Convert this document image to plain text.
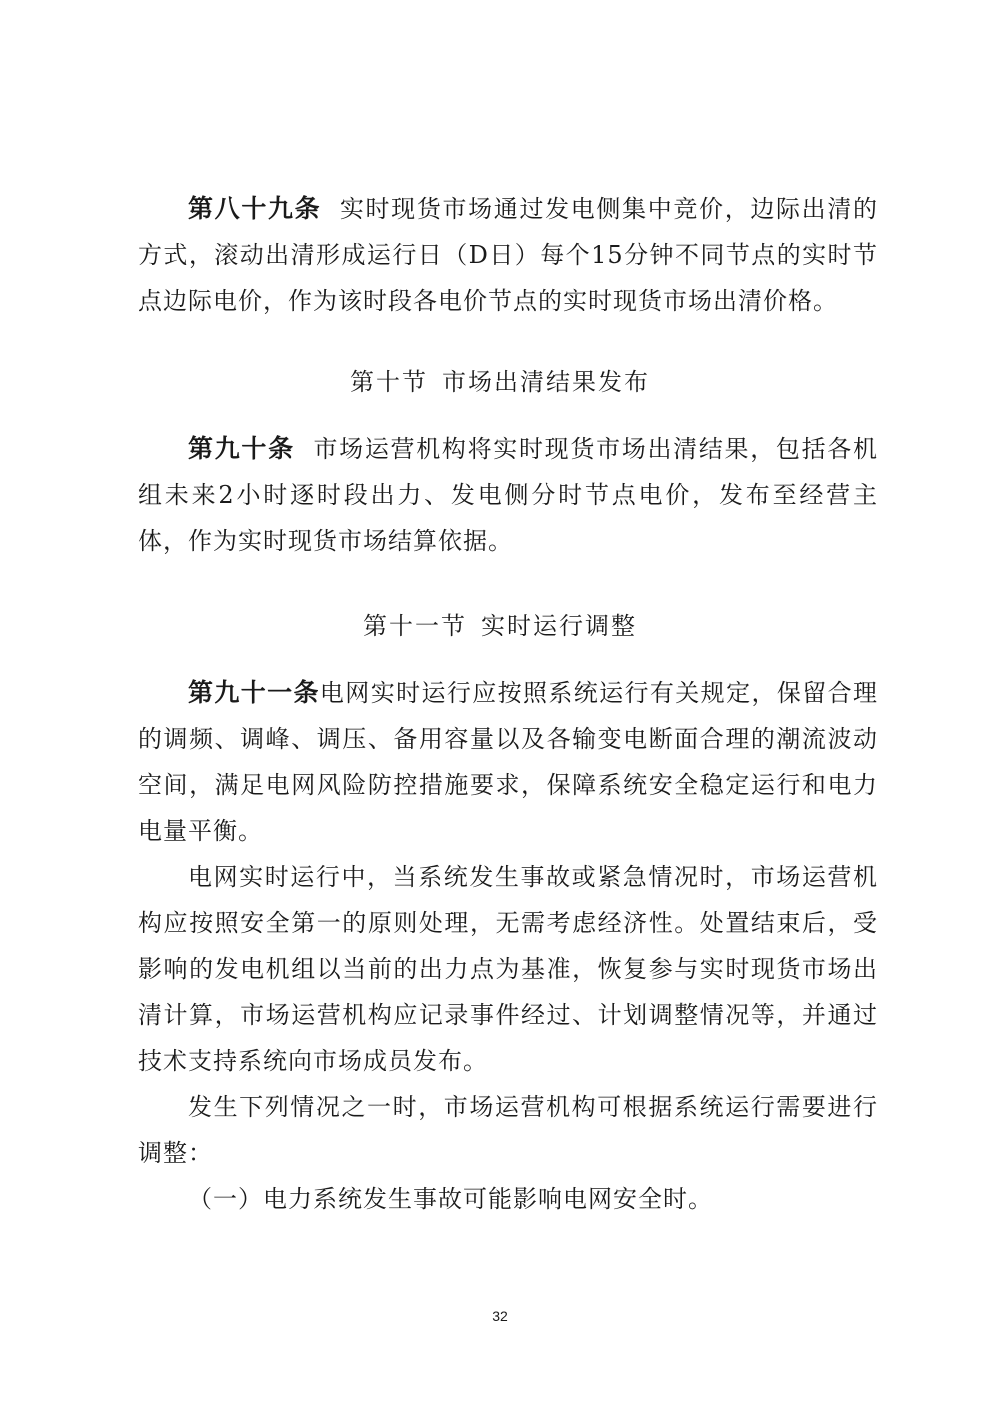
第八十九条 实时现货市场通过发电侧集中竞价，边际出清的方式，滚动出清形成运行日（D日）每个15分钟不同节点的实时节点边际电价，作为该时段各电价节点的实时现货市场出清价格。

第十节 市场出清结果发布

第九十条 市场运营机构将实时现货市场出清结果，包括各机组未来2小时逐时段出力、发电侧分时节点电价，发布至经营主体，作为实时现货市场结算依据。

第十一节 实时运行调整

第九十一条电网实时运行应按照系统运行有关规定，保留合理的调频、调峰、调压、备用容量以及各输变电断面合理的潮流波动空间，满足电网风险防控措施要求，保障系统安全稳定运行和电力电量平衡。

电网实时运行中，当系统发生事故或紧急情况时，市场运营机构应按照安全第一的原则处理，无需考虑经济性。处置结束后，受影响的发电机组以当前的出力点为基准，恢复参与实时现货市场出清计算，市场运营机构应记录事件经过、计划调整情况等，并通过技术支持系统向市场成员发布。

发生下列情况之一时，市场运营机构可根据系统运行需要进行调整：

（一）电力系统发生事故可能影响电网安全时。

32
